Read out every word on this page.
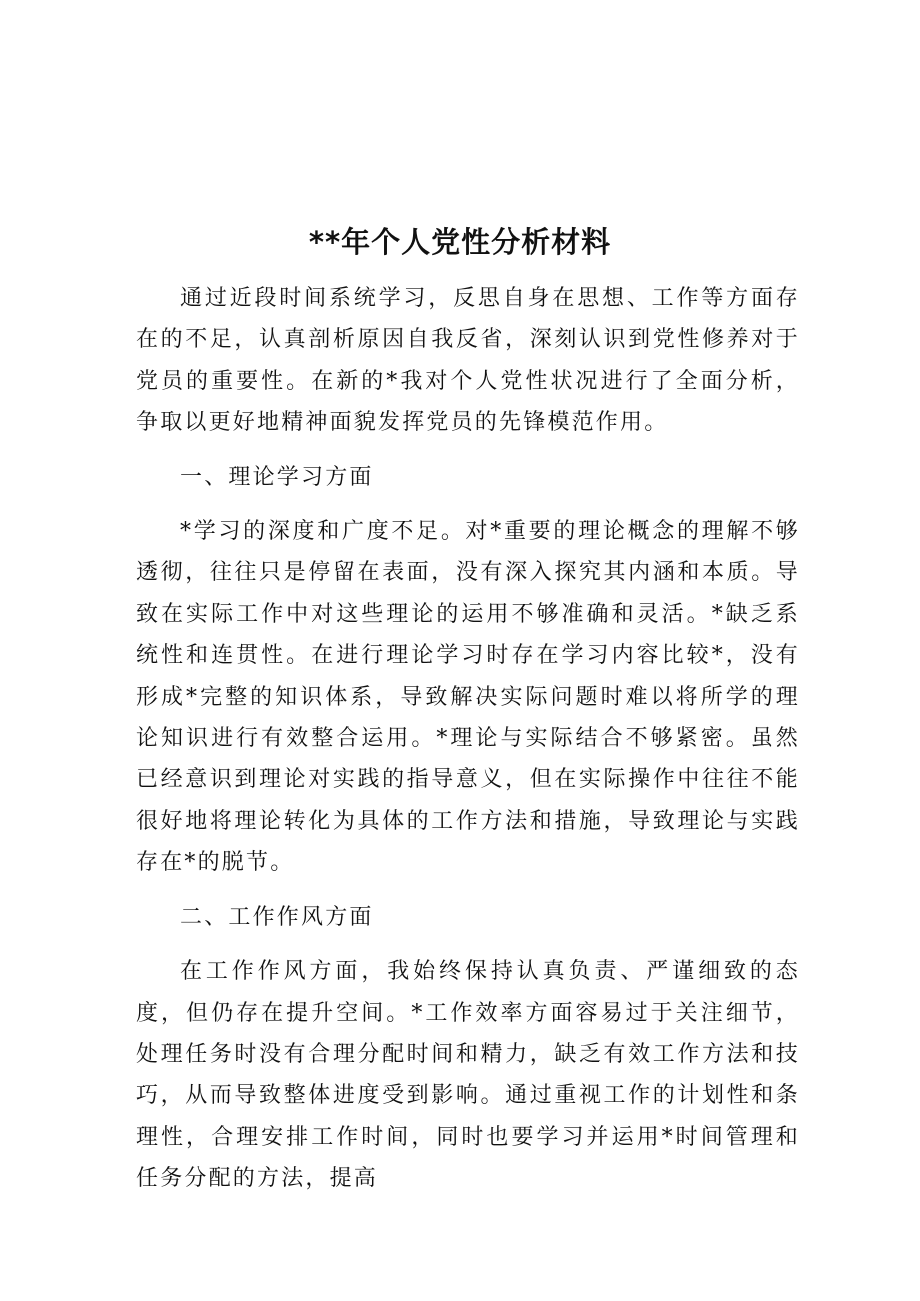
**年个人党性分析材料

通过近段时间系统学习，反思自身在思想、工作等方面存在的不足，认真剖析原因自我反省，深刻认识到党性修养对于党员的重要性。在新的*我对个人党性状况进行了全面分析，争取以更好地精神面貌发挥党员的先锋模范作用。

一、理论学习方面

*学习的深度和广度不足。对*重要的理论概念的理解不够透彻，往往只是停留在表面，没有深入探究其内涵和本质。导致在实际工作中对这些理论的运用不够准确和灵活。*缺乏系统性和连贯性。在进行理论学习时存在学习内容比较*，没有形成*完整的知识体系，导致解决实际问题时难以将所学的理论知识进行有效整合运用。*理论与实际结合不够紧密。虽然已经意识到理论对实践的指导意义，但在实际操作中往往不能很好地将理论转化为具体的工作方法和措施，导致理论与实践存在*的脱节。

二、工作作风方面

在工作作风方面，我始终保持认真负责、严谨细致的态度，但仍存在提升空间。*工作效率方面容易过于关注细节，处理任务时没有合理分配时间和精力，缺乏有效工作方法和技巧，从而导致整体进度受到影响。通过重视工作的计划性和条理性，合理安排工作时间，同时也要学习并运用*时间管理和任务分配的方法，提高
